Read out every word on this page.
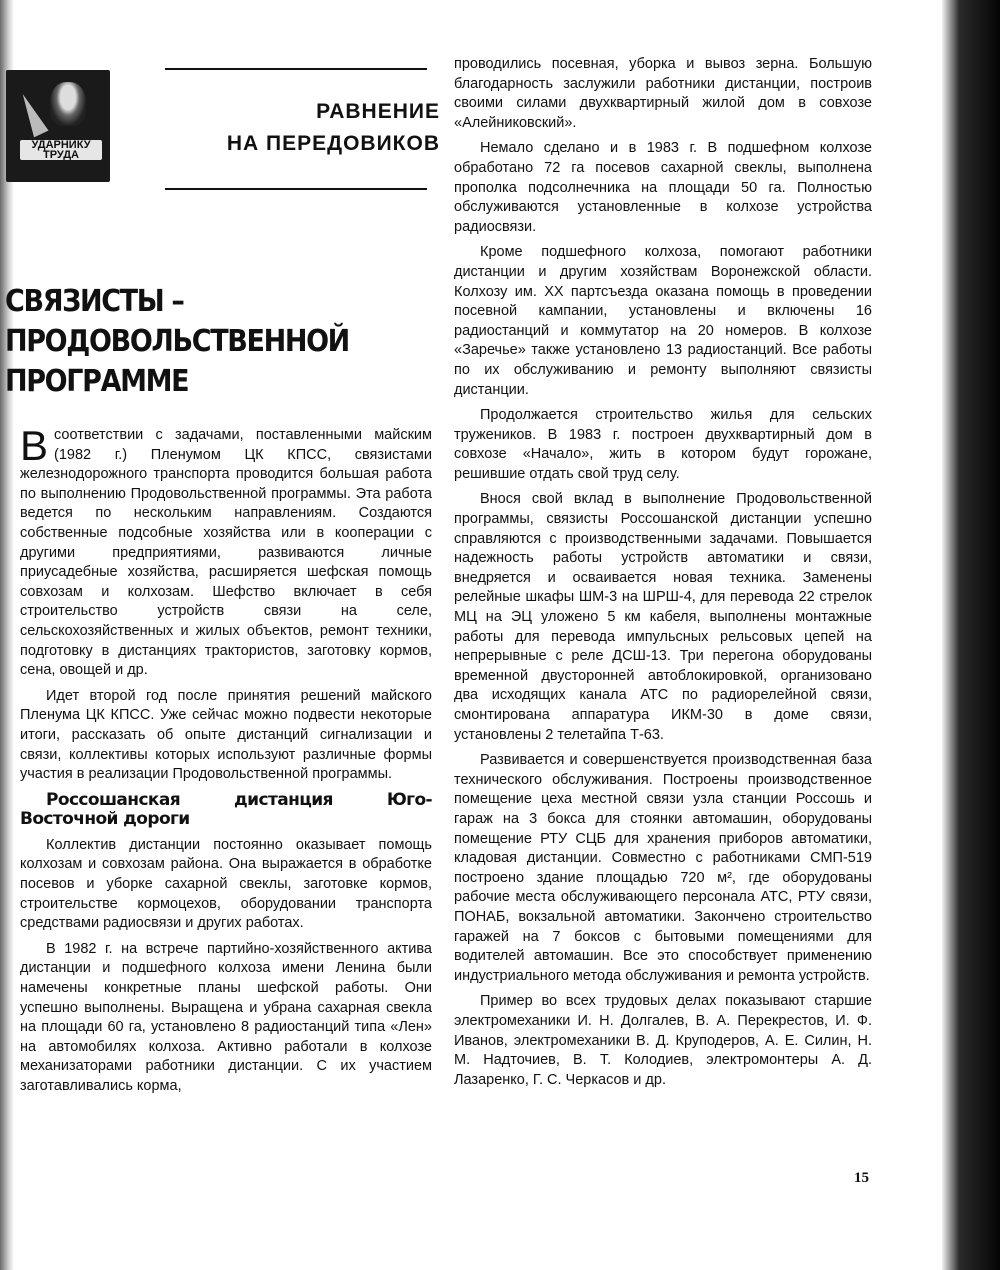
УДАРНИКУ
ТРУДА
РАВНЕНИЕ
НА ПЕРЕДОВИКОВ
СВЯЗИСТЫ – ПРОДОВОЛЬСТВЕННОЙ
ПРОГРАММЕ

Всоответствии с задачами, поставленными майским (1982 г.) Пленумом ЦК КПСС, связистами железнодорожного транспорта проводится большая работа по выполнению Продовольственной программы. Эта работа ведется по нескольким направлениям. Создаются собственные подсобные хозяйства или в кооперации с другими предприятиями, развиваются личные приусадебные хозяйства, расширяется шефская помощь совхозам и колхозам. Шефство включает в себя строительство устройств связи на селе, сельскохозяйственных и жилых объектов, ремонт техники, подготовку в дистанциях трактористов, заготовку кормов, сена, овощей и др.

Идет второй год после принятия решений майского Пленума ЦК КПСС. Уже сейчас можно подвести некоторые итоги, рассказать об опыте дистанций сигнализации и связи, коллективы которых используют различные формы участия в реализации Продовольственной программы.

Россошанская дистанция Юго-Восточной дороги

Коллектив дистанции постоянно оказывает помощь колхозам и совхозам района. Она выражается в обработке посевов и уборке сахарной свеклы, заготовке кормов, строительстве кормоцехов, оборудовании транспорта средствами радиосвязи и других работах.

В 1982 г. на встрече партийно-хозяйственного актива дистанции и подшефного колхоза имени Ленина были намечены конкретные планы шефской работы. Они успешно выполнены. Выращена и убрана сахарная свекла на площади 60 га, установлено 8 радиостанций типа «Лен» на автомобилях колхоза. Активно работали в колхозе механизаторами работники дистанции. С их участием заготавливались корма,

проводились посевная, уборка и вывоз зерна. Большую благодарность заслужили работники дистанции, построив своими силами двухквартирный жилой дом в совхозе «Алейниковский».

Немало сделано и в 1983 г. В подшефном колхозе обработано 72 га посевов сахарной свеклы, выполнена прополка подсолнечника на площади 50 га. Полностью обслуживаются установленные в колхозе устройства радиосвязи.

Кроме подшефного колхоза, помогают работники дистанции и другим хозяйствам Воронежской области. Колхозу им. XX партсъезда оказана помощь в проведении посевной кампании, установлены и включены 16 радиостанций и коммутатор на 20 номеров. В колхозе «Заречье» также установлено 13 радиостанций. Все работы по их обслуживанию и ремонту выполняют связисты дистанции.

Продолжается строительство жилья для сельских тружеников. В 1983 г. построен двухквартирный дом в совхозе «Начало», жить в котором будут горожане, решившие отдать свой труд селу.

Внося свой вклад в выполнение Продовольственной программы, связисты Россошанской дистанции успешно справляются с производственными задачами. Повышается надежность работы устройств автоматики и связи, внедряется и осваивается новая техника. Заменены релейные шкафы ШМ-3 на ШРШ-4, для перевода 22 стрелок МЦ на ЭЦ уложено 5 км кабеля, выполнены монтажные работы для перевода импульсных рельсовых цепей на непрерывные с реле ДСШ-13. Три перегона оборудованы временной двусторонней автоблокировкой, организовано два исходящих канала АТС по радиорелейной связи, смонтирована аппаратура ИКМ-30 в доме связи, установлены 2 телетайпа Т-63.

Развивается и совершенствуется производственная база технического обслуживания. Построены производственное помещение цеха местной связи узла станции Россошь и гараж на 3 бокса для стоянки автомашин, оборудованы помещение РТУ СЦБ для хранения приборов автоматики, кладовая дистанции. Совместно с работниками СМП-519 построено здание площадью 720 м², где оборудованы рабочие места обслуживающего персонала АТС, РТУ связи, ПОНАБ, вокзальной автоматики. Закончено строительство гаражей на 7 боксов с бытовыми помещениями для водителей автомашин. Все это способствует применению индустриального метода обслуживания и ремонта устройств.

Пример во всех трудовых делах показывают старшие электромеханики И. Н. Долгалев, В. А. Перекрестов, И. Ф. Иванов, электромеханики В. Д. Круподеров, А. Е. Силин, Н. М. Надточиев, В. Т. Колодиев, электромонтеры А. Д. Лазаренко, Г. С. Черкасов и др.

15
